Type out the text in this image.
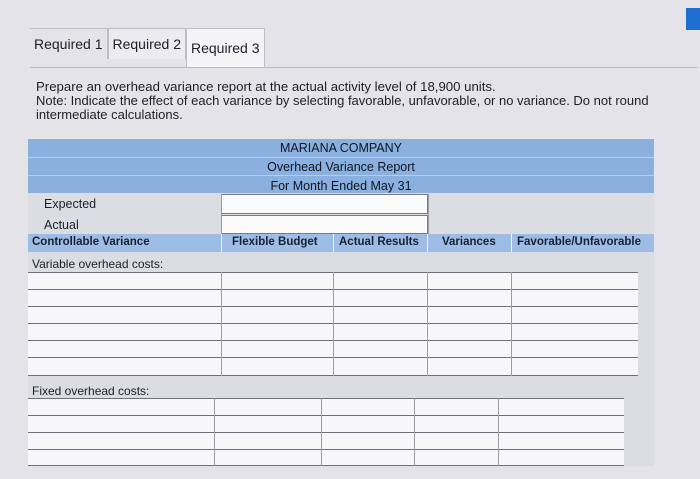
Required 1 Required 2 Required 3
Prepare an overhead variance report at the actual activity level of 18,900 units.
Note: Indicate the effect of each variance by selecting favorable, unfavorable, or no variance. Do not round intermediate calculations.
MARIANA COMPANY
Overhead Variance Report
For Month Ended May 31
Expected
Actual
Controllable Variance	Flexible Budget Actual Results Variances Favorable/Unfavorable
Variable overhead costs:
Fixed overhead costs:
